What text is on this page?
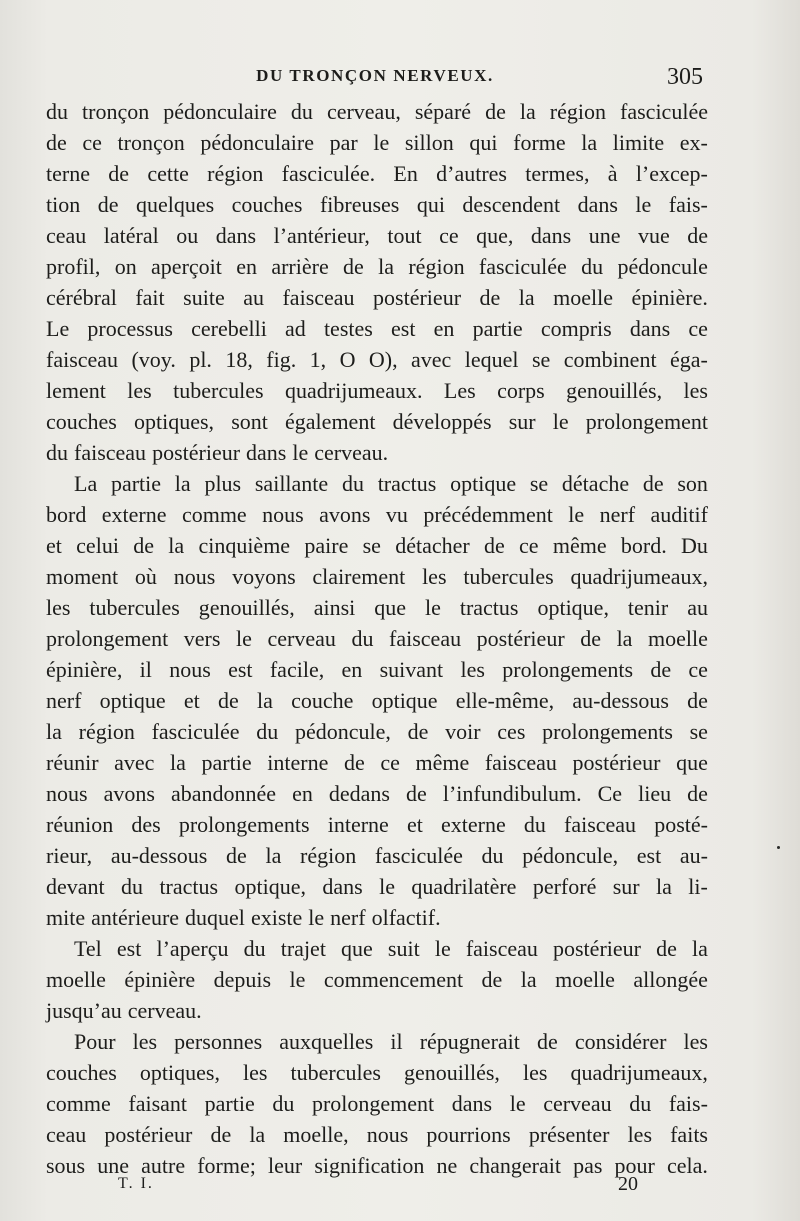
DU TRONÇON NERVEUX.	305
du tronçon pédonculaire du cerveau, séparé de la région fasciculée
de ce tronçon pédonculaire par le sillon qui forme la limite ex-
terne de cette région fasciculée. En d’autres termes, à l’excep-
tion de quelques couches fibreuses qui descendent dans le fais-
ceau latéral ou dans l’antérieur, tout ce que, dans une vue de
profil, on aperçoit en arrière de la région fasciculée du pédoncule
cérébral fait suite au faisceau postérieur de la moelle épinière.
Le processus cerebelli ad testes est en partie compris dans ce
faisceau (voy. pl. 18, fig. 1, O O), avec lequel se combinent éga-
lement les tubercules quadrijumeaux. Les corps genouillés, les
couches optiques, sont également développés sur le prolongement
du faisceau postérieur dans le cerveau.
La partie la plus saillante du tractus optique se détache de son
bord externe comme nous avons vu précédemment le nerf auditif
et celui de la cinquième paire se détacher de ce même bord. Du
moment où nous voyons clairement les tubercules quadrijumeaux,
les tubercules genouillés, ainsi que le tractus optique, tenir au
prolongement vers le cerveau du faisceau postérieur de la moelle
épinière, il nous est facile, en suivant les prolongements de ce
nerf optique et de la couche optique elle-même, au-dessous de
la région fasciculée du pédoncule, de voir ces prolongements se
réunir avec la partie interne de ce même faisceau postérieur que
nous avons abandonnée en dedans de l’infundibulum. Ce lieu de
réunion des prolongements interne et externe du faisceau posté-
rieur, au-dessous de la région fasciculée du pédoncule, est au-
devant du tractus optique, dans le quadrilatère perforé sur la li-
mite antérieure duquel existe le nerf olfactif.
Tel est l’aperçu du trajet que suit le faisceau postérieur de la
moelle épinière depuis le commencement de la moelle allongée
jusqu’au cerveau.
Pour les personnes auxquelles il répugnerait de considérer les
couches optiques, les tubercules genouillés, les quadrijumeaux,
comme faisant partie du prolongement dans le cerveau du fais-
ceau postérieur de la moelle, nous pourrions présenter les faits
sous une autre forme; leur signification ne changerait pas pour cela.
T. I.	20
